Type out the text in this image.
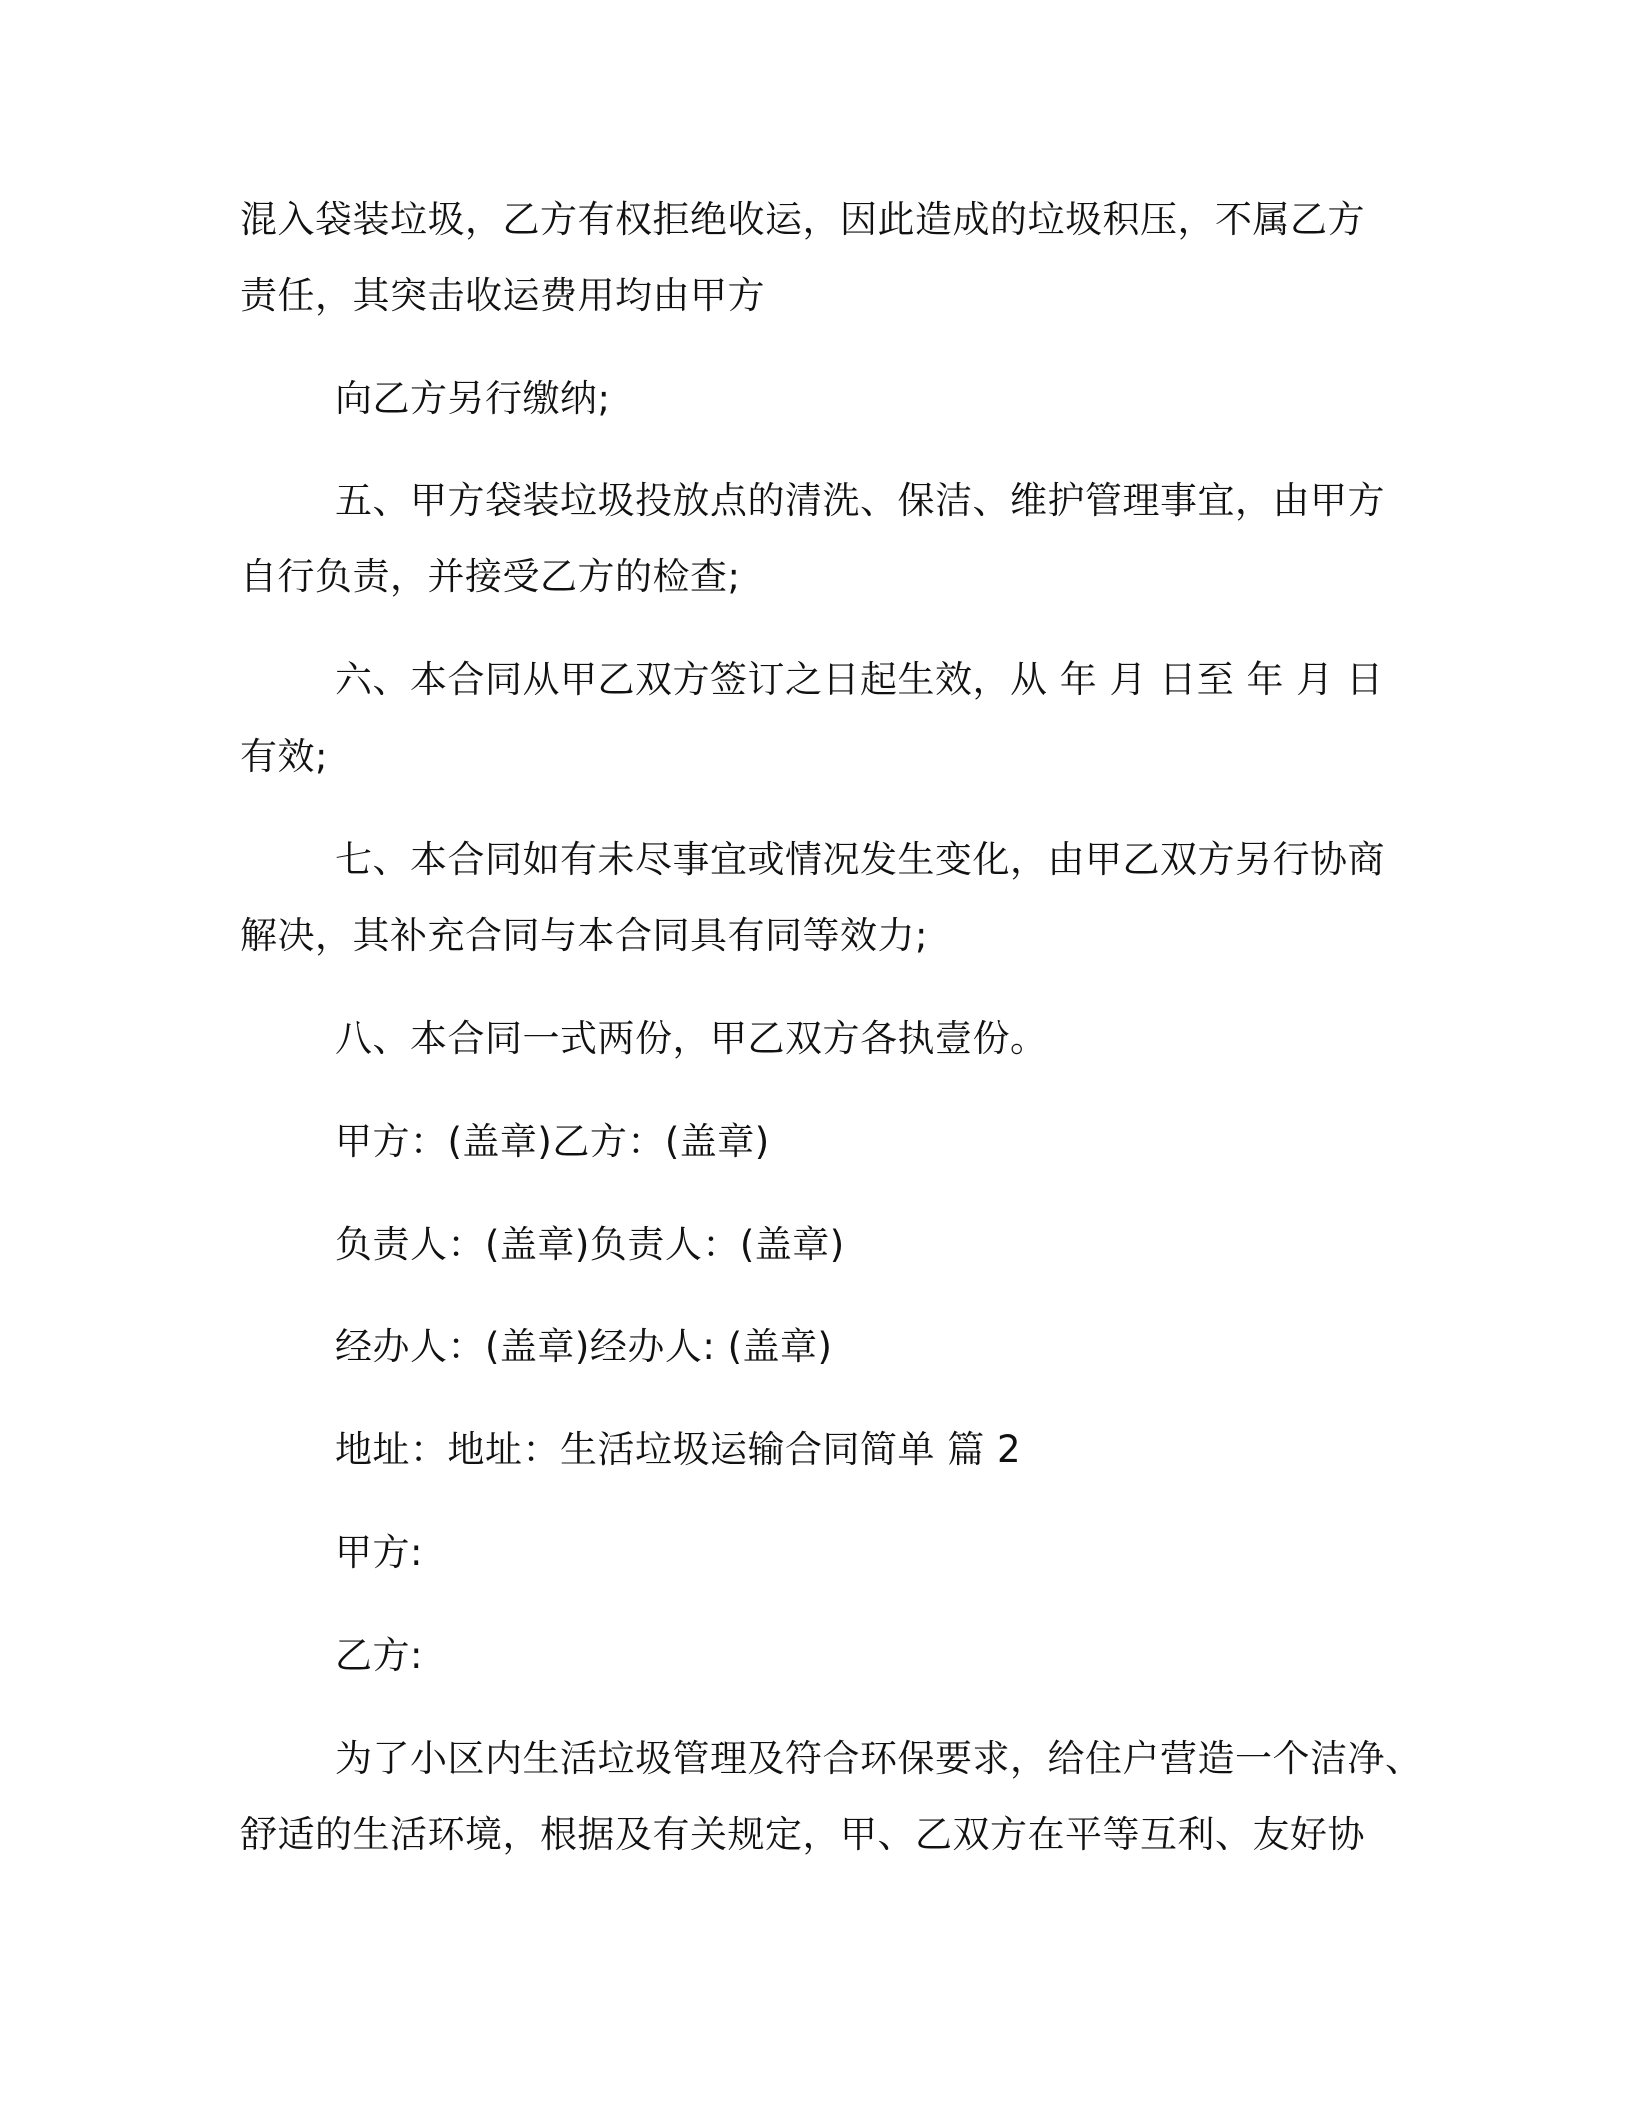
混入袋装垃圾，乙方有权拒绝收运，因此造成的垃圾积压，不属乙方
责任，其突击收运费用均由甲方
向乙方另行缴纳;
五、甲方袋装垃圾投放点的清洗、保洁、维护管理事宜，由甲方
自行负责，并接受乙方的检查;
六、本合同从甲乙双方签订之日起生效，从 年 月 日至 年 月 日
有效;
七、本合同如有未尽事宜或情况发生变化，由甲乙双方另行协商
解决，其补充合同与本合同具有同等效力;
八、本合同一式两份，甲乙双方各执壹份。
甲方：(盖章)乙方：(盖章)
负责人：(盖章)负责人：(盖章)
经办人：(盖章)经办人: (盖章)
地址：地址：生活垃圾运输合同简单 篇 2
甲方:
乙方:
为了小区内生活垃圾管理及符合环保要求，给住户营造一个洁净、
舒适的生活环境，根据及有关规定，甲、乙双方在平等互利、友好协
